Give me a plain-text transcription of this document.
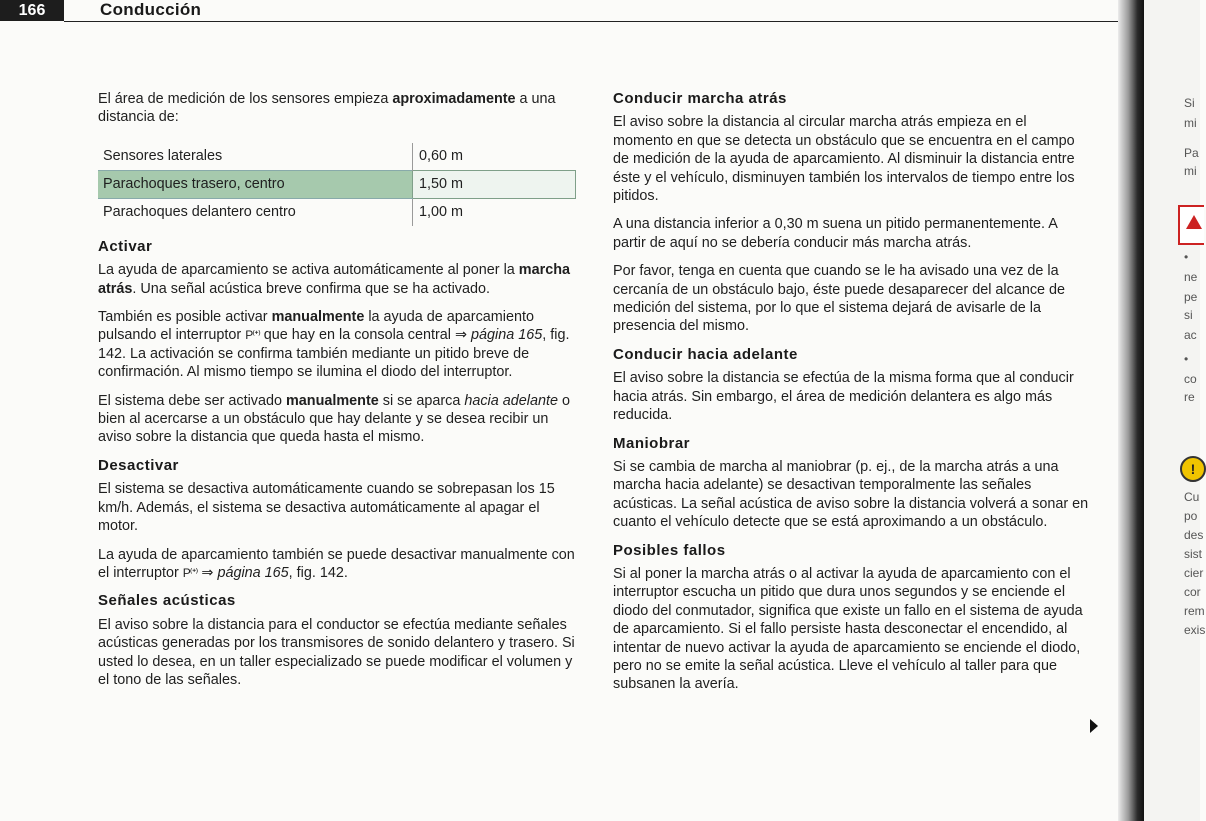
166	Conducción

El área de medición de los sensores empieza aproximadamente a una distancia de:

Sensores laterales	0,60 m
Parachoques trasero, centro	1,50 m
Parachoques delantero centro	1,00 m
Activar

La ayuda de aparcamiento se activa automáticamente al poner la marcha atrás. Una señal acústica breve confirma que se ha activado.

También es posible activar manualmente la ayuda de aparcamiento pulsando el interruptor P⁽ᐩ⁾ que hay en la consola central ⇒ página 165, fig. 142. La activación se confirma también mediante un pitido breve de confirmación. Al mismo tiempo se ilumina el diodo del interruptor.

El sistema debe ser activado manualmente si se aparca hacia adelante o bien al acercarse a un obstáculo que hay delante y se desea recibir un aviso sobre la distancia que queda hasta el mismo.

Desactivar

El sistema se desactiva automáticamente cuando se sobrepasan los 15 km/h. Además, el sistema se desactiva automáticamente al apagar el motor.

La ayuda de aparcamiento también se puede desactivar manualmente con el interruptor P⁽ᐩ⁾ ⇒ página 165, fig. 142.

Señales acústicas

El aviso sobre la distancia para el conductor se efectúa mediante señales acústicas generadas por los transmisores de sonido delantero y trasero. Si usted lo desea, en un taller especializado se puede modificar el volumen y el tono de las señales.

Conducir marcha atrás

El aviso sobre la distancia al circular marcha atrás empieza en el momento en que se detecta un obstáculo que se encuentra en el campo de medición de la ayuda de aparcamiento. Al disminuir la distancia entre éste y el vehículo, disminuyen también los intervalos de tiempo entre los pitidos.

A una distancia inferior a 0,30 m suena un pitido permanentemente. A partir de aquí no se debería conducir más marcha atrás.

Por favor, tenga en cuenta que cuando se le ha avisado una vez de la cercanía de un obstáculo bajo, éste puede desaparecer del alcance de medición del sistema, por lo que el sistema dejará de avisarle de la presencia del mismo.

Conducir hacia adelante

El aviso sobre la distancia se efectúa de la misma forma que al conducir hacia atrás. Sin embargo, el área de medición delantera es algo más reducida.

Maniobrar

Si se cambia de marcha al maniobrar (p. ej., de la marcha atrás a una marcha hacia adelante) se desactivan temporalmente las señales acústicas. La señal acústica de aviso sobre la distancia volverá a sonar en cuanto el vehículo detecte que se está aproximando a un obstáculo.

Posibles fallos

Si al poner la marcha atrás o al activar la ayuda de aparcamiento con el interruptor escucha un pitido que dura unos segundos y se enciende el diodo del conmutador, significa que existe un fallo en el sistema de ayuda de aparcamiento. Si el fallo persiste hasta desconectar el encendido, al intentar de nuevo activar la ayuda de aparcamiento se enciende el diodo, pero no se emite la señal acústica. Lleve el vehículo al taller para que subsanen la avería.

Si
mi
Pa
mi
•
ne
pe
si
ac
•
co
re
!
Cu
po
des
sist
cier
cor
rem
exis
